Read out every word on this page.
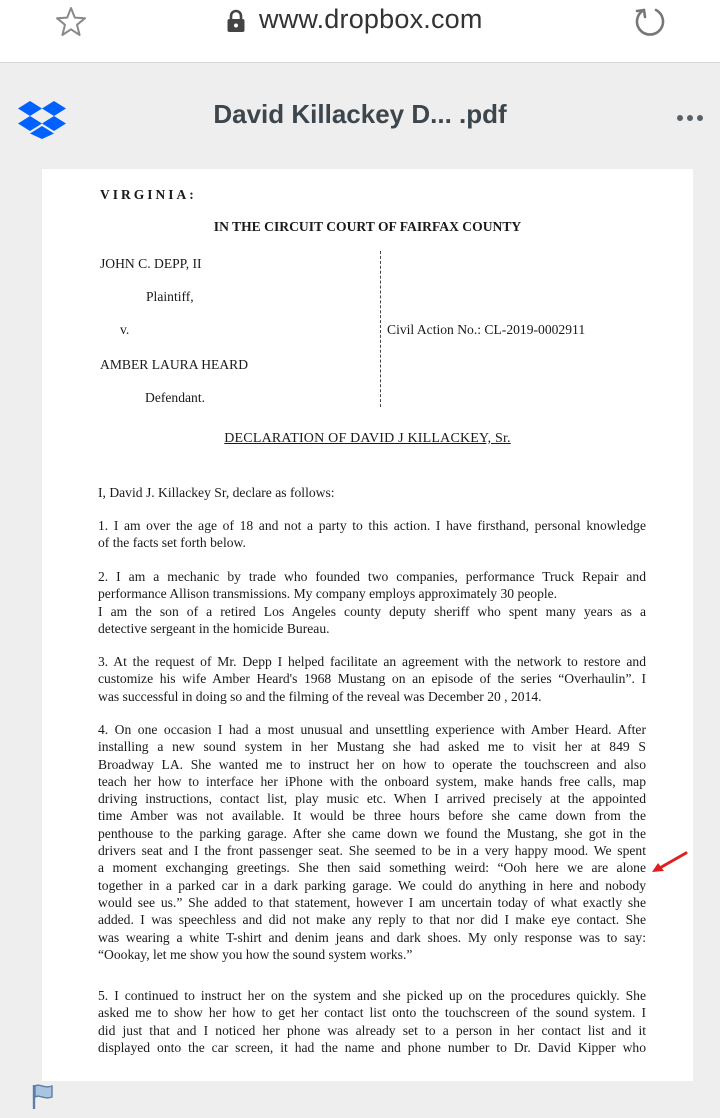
www.dropbox.com
David Killackey D... .pdf
VIRGINIA:
IN THE CIRCUIT COURT OF FAIRFAX COUNTY
JOHN C. DEPP, II
Plaintiff,
v.	Civil Action No.: CL-2019-0002911
AMBER LAURA HEARD
Defendant.
DECLARATION OF DAVID J KILLACKEY, Sr.
I, David J. Killackey Sr, declare as follows:
1. I am over the age of 18 and not a party to this action. I have firsthand, personal knowledge
of the facts set forth below.
2. I am a mechanic by trade who founded two companies, performance Truck Repair and
performance Allison transmissions. My company employs approximately 30 people.
I am the son of a retired Los Angeles county deputy sheriff who spent many years as a
detective sergeant in the homicide Bureau.
3. At the request of Mr. Depp I helped facilitate an agreement with the network to restore and
customize his wife Amber Heard's 1968 Mustang on an episode of the series “Overhaulin”. I
was successful in doing so and the filming of the reveal was December 20 , 2014.
4. On one occasion I had a most unusual and unsettling experience with Amber Heard. After
installing a new sound system in her Mustang she had asked me to visit her at 849 S
Broadway LA. She wanted me to instruct her on how to operate the touchscreen and also
teach her how to interface her iPhone with the onboard system, make hands free calls, map
driving instructions, contact list, play music etc. When I arrived precisely at the appointed
time Amber was not available. It would be three hours before she came down from the
penthouse to the parking garage. After she came down we found the Mustang, she got in the
drivers seat and I the front passenger seat. She seemed to be in a very happy mood. We spent
a moment exchanging greetings. She then said something weird: “Ooh here we are alone
together in a parked car in a dark parking garage. We could do anything in here and nobody
would see us.” She added to that statement, however I am uncertain today of what exactly she
added. I was speechless and did not make any reply to that nor did I make eye contact. She
was wearing a white T-shirt and denim jeans and dark shoes. My only response was to say:
“Oookay, let me show you how the sound system works.”
5. I continued to instruct her on the system and she picked up on the procedures quickly. She
asked me to show her how to get her contact list onto the touchscreen of the sound system. I
did just that and I noticed her phone was already set to a person in her contact list and it
displayed onto the car screen, it had the name and phone number to Dr. David Kipper who
